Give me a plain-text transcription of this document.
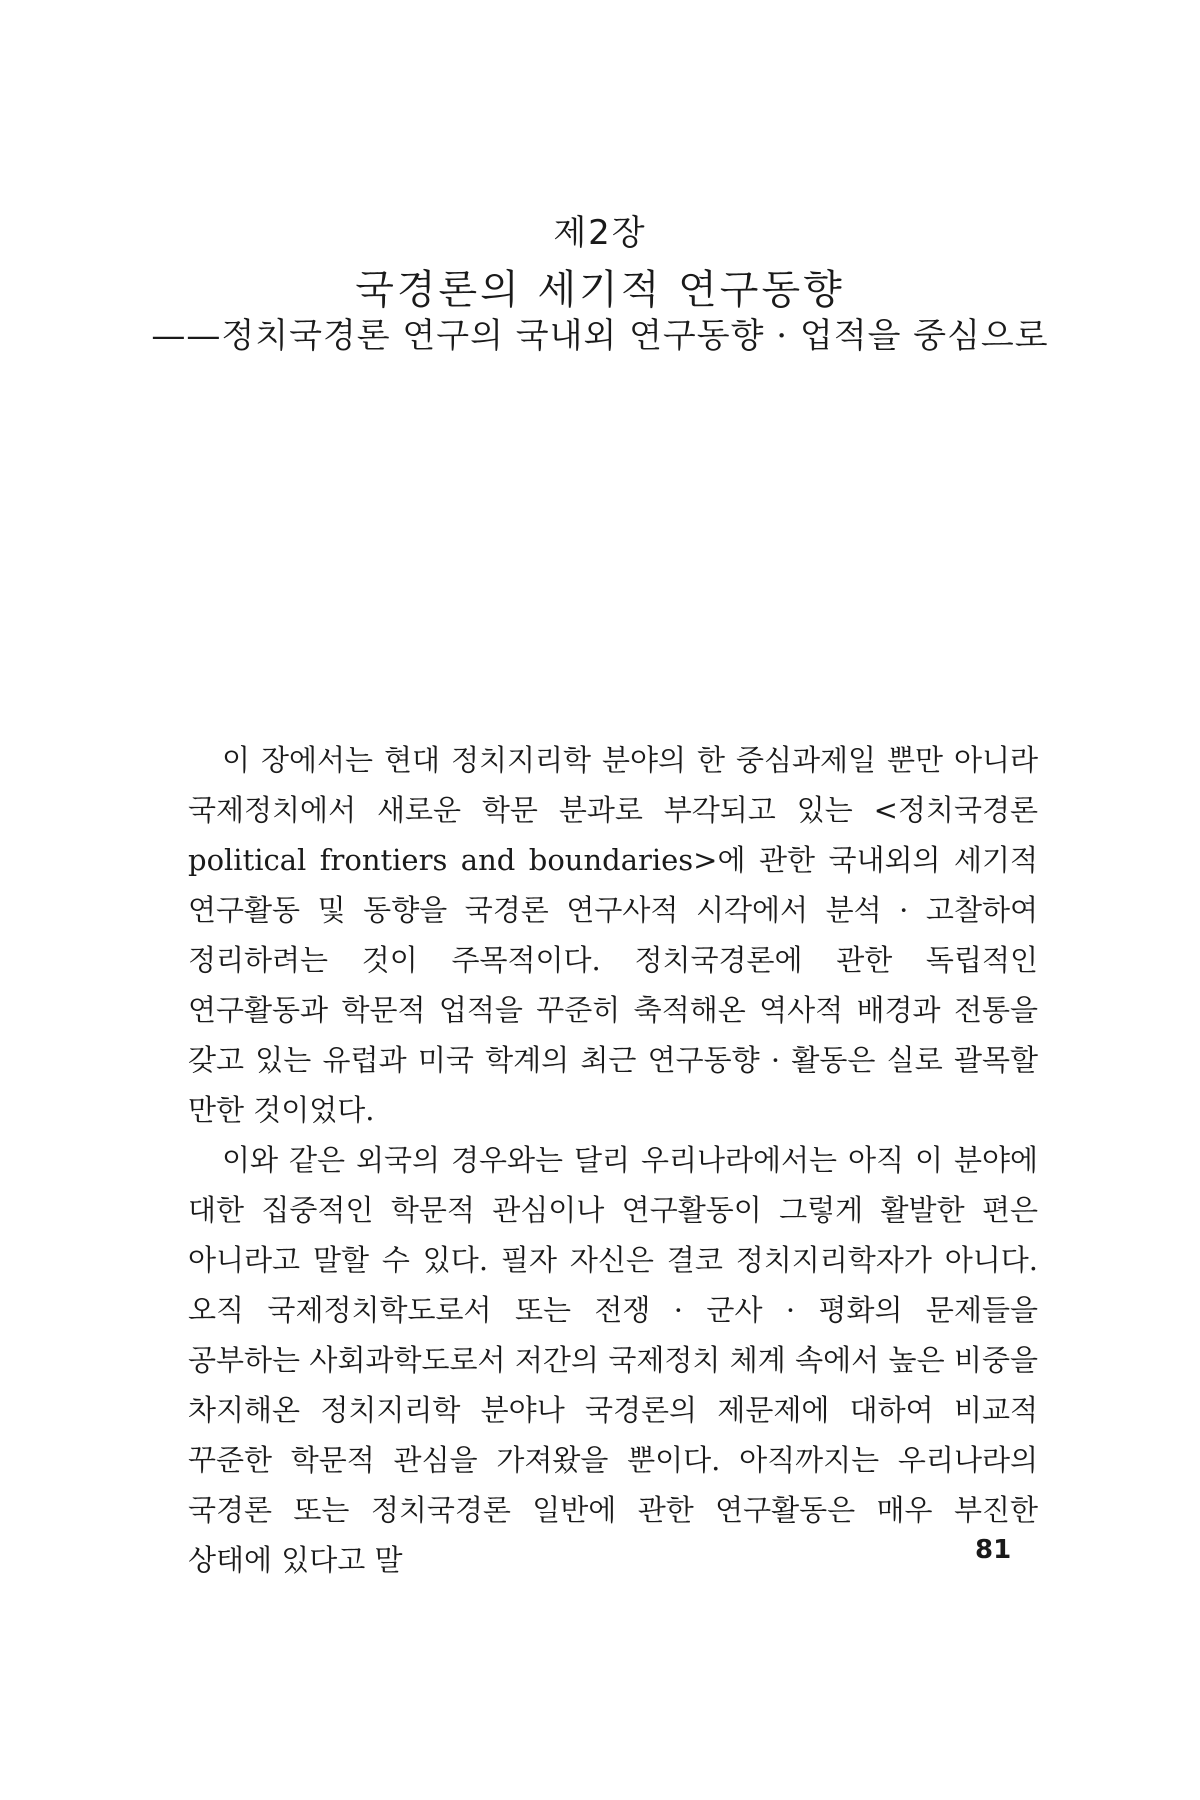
제2장
국경론의 세기적 연구동향
——정치국경론 연구의 국내외 연구동향 · 업적을 중심으로

이 장에서는 현대 정치지리학 분야의 한 중심과제일 뿐만 아니라 국제정치에서 새로운 학문 분과로 부각되고 있는 <정치국경론 political frontiers and boundaries>에 관한 국내외의 세기적 연구활동 및 동향을 국경론 연구사적 시각에서 분석 · 고찰하여 정리하려는 것이 주목적이다. 정치국경론에 관한 독립적인 연구활동과 학문적 업적을 꾸준히 축적해온 역사적 배경과 전통을 갖고 있는 유럽과 미국 학계의 최근 연구동향 · 활동은 실로 괄목할 만한 것이었다.

이와 같은 외국의 경우와는 달리 우리나라에서는 아직 이 분야에 대한 집중적인 학문적 관심이나 연구활동이 그렇게 활발한 편은 아니라고 말할 수 있다. 필자 자신은 결코 정치지리학자가 아니다. 오직 국제정치학도로서 또는 전쟁 · 군사 · 평화의 문제들을 공부하는 사회과학도로서 저간의 국제정치 체계 속에서 높은 비중을 차지해온 정치지리학 분야나 국경론의 제문제에 대하여 비교적 꾸준한 학문적 관심을 가져왔을 뿐이다. 아직까지는 우리나라의 국경론 또는 정치국경론 일반에 관한 연구활동은 매우 부진한 상태에 있다고 말	81
